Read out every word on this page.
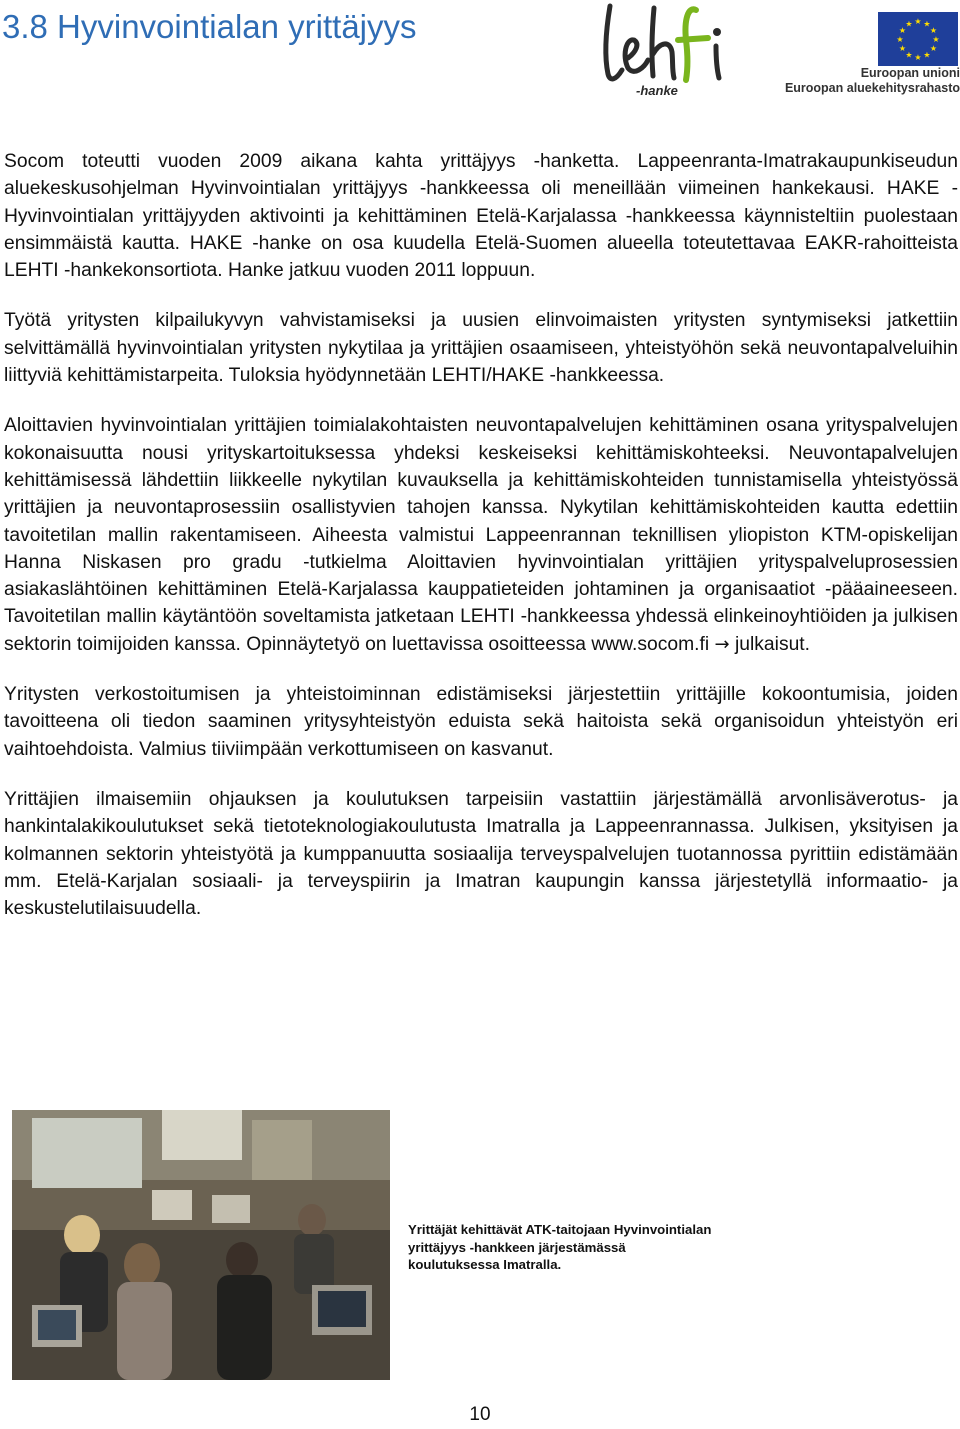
3.8 Hyvinvointialan yrittäjyys
-hanke
★ ★
★
★
★
★
★
★
★
★
★
★
Euroopan unioni
Euroopan aluekehitysrahasto

Socom toteutti vuoden 2009 aikana kahta yrittäjyys -hanketta. Lappeenranta-Imatrakaupunkiseudun aluekeskusohjelman Hyvinvointialan yrittäjyys -hankkeessa oli meneillään viimeinen hankekausi. HAKE - Hyvinvointialan yrittäjyyden aktivointi ja kehittäminen Etelä-Karjalassa -hankkeessa käynnisteltiin puolestaan ensimmäistä kautta. HAKE -hanke on osa kuudella Etelä-Suomen alueella toteutettavaa EAKR-rahoitteista LEHTI -hankekonsortiota. Hanke jatkuu vuoden 2011 loppuun.

Työtä yritysten kilpailukyvyn vahvistamiseksi ja uusien elinvoimaisten yritysten syntymiseksi jatkettiin selvittämällä hyvinvointialan yritysten nykytilaa ja yrittäjien osaamiseen, yhteistyöhön sekä neuvontapalveluihin liittyviä kehittämistarpeita. Tuloksia hyödynnetään LEHTI/HAKE -hankkeessa.

Aloittavien hyvinvointialan yrittäjien toimialakohtaisten neuvontapalvelujen kehittäminen osana yrityspalvelujen kokonaisuutta nousi yrityskartoituksessa yhdeksi keskeiseksi kehittämiskohteeksi. Neuvontapalvelujen kehittämisessä lähdettiin liikkeelle nykytilan kuvauksella ja kehittämiskohteiden tunnistamisella yhteistyössä yrittäjien ja neuvontaprosessiin osallistyvien tahojen kanssa. Nykytilan kehittämiskohteiden kautta edettiin tavoitetilan mallin rakentamiseen. Aiheesta valmistui Lappeenrannan teknillisen yliopiston KTM-opiskelijan Hanna Niskasen pro gradu -tutkielma Aloittavien hyvinvointialan yrittäjien yrityspalveluprosessien asiakaslähtöinen kehittäminen Etelä-Karjalassa kauppatieteiden johtaminen ja organisaatiot -pääaineeseen. Tavoitetilan mallin käytäntöön soveltamista jatketaan LEHTI -hankkeessa yhdessä elinkeinoyhtiöiden ja julkisen sektorin toimijoiden kanssa. Opinnäytetyö on luettavissa osoitteessa www.socom.fi → julkaisut.

Yritysten verkostoitumisen ja yhteistoiminnan edistämiseksi järjestettiin yrittäjille kokoontumisia, joiden tavoitteena oli tiedon saaminen yritysyhteistyön eduista sekä haitoista sekä organisoidun yhteistyön eri vaihtoehdoista. Valmius tiiviimpään verkottumiseen on kasvanut.

Yrittäjien ilmaisemiin ohjauksen ja koulutuksen tarpeisiin vastattiin järjestämällä arvonlisäverotus- ja hankintalakikoulutukset sekä tietoteknologiakoulutusta Imatralla ja Lappeenrannassa. Julkisen, yksityisen ja kolmannen sektorin yhteistyötä ja kumppanuutta sosiaalija terveyspalvelujen tuotannossa pyrittiin edistämään mm. Etelä-Karjalan sosiaali- ja terveyspiirin ja Imatran kaupungin kanssa järjestetyllä informaatio- ja keskustelutilaisuudella.

Yrittäjät kehittävät ATK-taitojaan Hyvinvointialan yrittäjyys -hankkeen järjestämässä koulutuksessa Imatralla.
10
